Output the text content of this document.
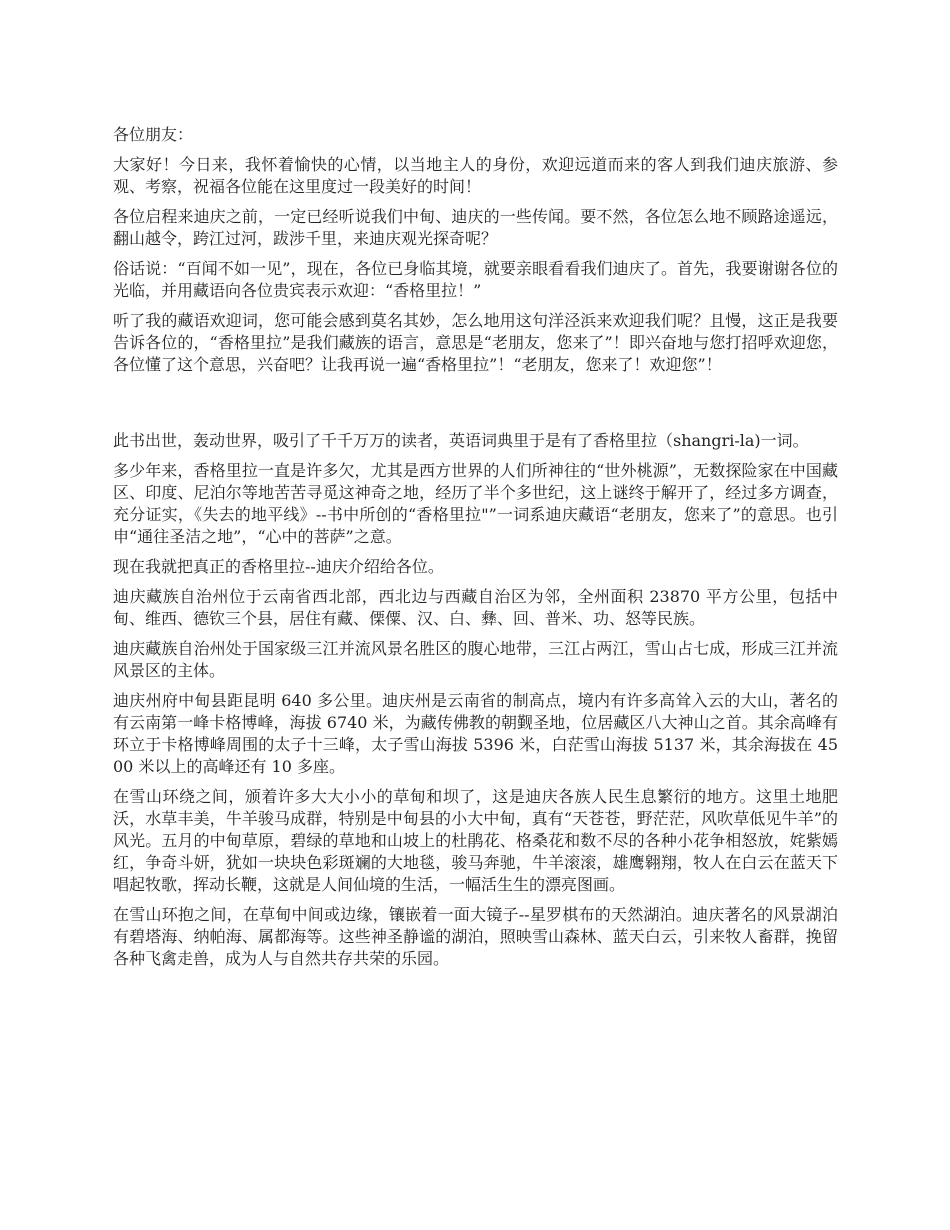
各位朋友：

大家好！今日来，我怀着愉快的心情，以当地主人的身份，欢迎远道而来的客人到我们迪庆旅游、参观、考察，祝福各位能在这里度过一段美好的时间！

各位启程来迪庆之前，一定已经听说我们中甸、迪庆的一些传闻。要不然，各位怎么地不顾路途遥远，翻山越令，跨江过河，跋涉千里，来迪庆观光探奇呢？

俗话说：“百闻不如一见”，现在，各位已身临其境，就要亲眼看看我们迪庆了。首先，我要谢谢各位的光临，并用藏语向各位贵宾表示欢迎：“香格里拉！”

听了我的藏语欢迎词，您可能会感到莫名其妙，怎么地用这句洋泾浜来欢迎我们呢？且慢，这正是我要告诉各位的，“香格里拉”是我们藏族的语言，意思是“老朋友，您来了”！即兴奋地与您打招呼欢迎您，各位懂了这个意思，兴奋吧？让我再说一遍“香格里拉”！“老朋友，您来了！欢迎您”！

此书出世，轰动世界，吸引了千千万万的读者，英语词典里于是有了香格里拉（shangri-la)一词。

多少年来，香格里拉一直是许多欠，尤其是西方世界的人们所神往的“世外桃源”，无数探险家在中国藏区、印度、尼泊尔等地苦苦寻觅这神奇之地，经历了半个多世纪，这上谜终于解开了，经过多方调查，充分证实，《失去的地平线》--书中所创的“香格里拉"”一词系迪庆藏语“老朋友，您来了”的意思。也引申“通往圣洁之地”，“心中的菩萨”之意。

现在我就把真正的香格里拉--迪庆介绍给各位。

迪庆藏族自治州位于云南省西北部，西北边与西藏自治区为邻，全州面积 23870 平方公里，包括中甸、维西、德钦三个县，居住有藏、傈僳、汉、白、彝、回、普米、功、怒等民族。

迪庆藏族自治州处于国家级三江并流风景名胜区的腹心地带，三江占两江，雪山占七成，形成三江并流风景区的主体。

迪庆州府中甸县距昆明 640 多公里。迪庆州是云南省的制高点，境内有许多高耸入云的大山，著名的有云南第一峰卡格博峰，海拔 6740 米，为藏传佛教的朝觐圣地，位居藏区八大神山之首。其余高峰有环立于卡格博峰周围的太子十三峰，太子雪山海拔 5396 米，白茫雪山海拔 5137 米，其余海拔在 4500 米以上的高峰还有 10 多座。

在雪山环绕之间，颁着许多大大小小的草甸和坝了，这是迪庆各族人民生息繁衍的地方。这里土地肥沃，水草丰美，牛羊骏马成群，特别是中甸县的小大中甸，真有“天苍苍，野茫茫，风吹草低见牛羊”的风光。五月的中甸草原，碧绿的草地和山坡上的杜鹃花、格桑花和数不尽的各种小花争相怒放，姹紫嫣红，争奇斗妍，犹如一块块色彩斑斓的大地毯，骏马奔驰，牛羊滚滚，雄鹰翱翔，牧人在白云在蓝天下唱起牧歌，挥动长鞭，这就是人间仙境的生活，一幅活生生的漂亮图画。

在雪山环抱之间，在草甸中间或边缘，镶嵌着一面大镜子--星罗棋布的天然湖泊。迪庆著名的风景湖泊有碧塔海、纳帕海、属都海等。这些神圣静谧的湖泊，照映雪山森林、蓝天白云，引来牧人畜群，挽留各种飞禽走兽，成为人与自然共存共荣的乐园。
